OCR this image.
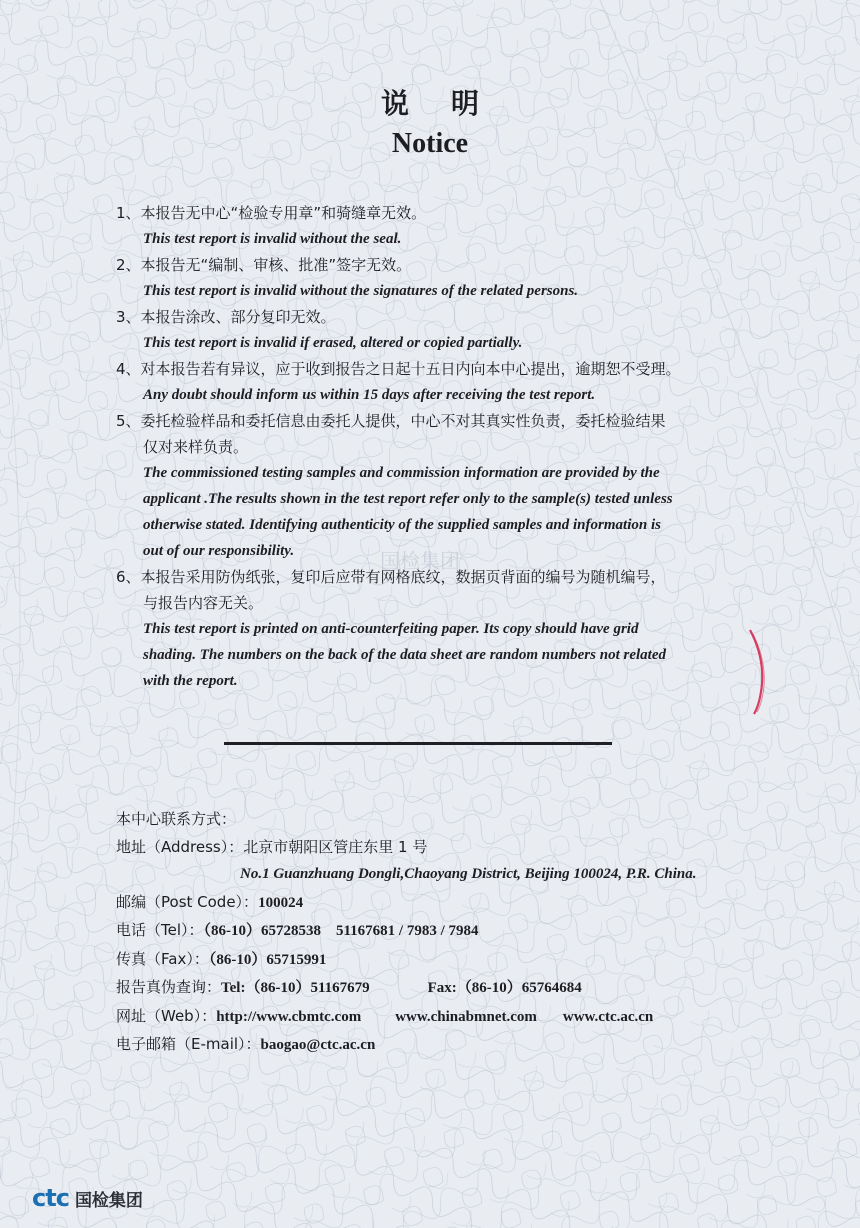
说明
Notice

1、本报告无中心“检验专用章”和骑缝章无效。

This test report is invalid without the seal.

2、本报告无“编制、审核、批准”签字无效。

This test report is invalid without the signatures of the related persons.

3、本报告涂改、部分复印无效。

This test report is invalid if erased, altered or copied partially.

4、对本报告若有异议，应于收到报告之日起十五日内向本中心提出，逾期恕不受理。

Any doubt should inform us within 15 days after receiving the test report.

5、委托检验样品和委托信息由委托人提供，中心不对其真实性负责，委托检验结果

仅对来样负责。

The commissioned testing samples and commission information are provided by the

applicant .The results shown in the test report refer only to the sample(s) tested unless

otherwise stated. Identifying authenticity of the supplied samples and information is

out of our responsibility.

6、本报告采用防伪纸张，复印后应带有网格底纹，数据页背面的编号为随机编号，

与报告内容无关。

This test report is printed on anti-counterfeiting paper. Its copy should have grid

shading. The numbers on the back of the data sheet are random numbers not related

with the report.

国检集团

本中心联系方式：

地址（Address）：北京市朝阳区管庄东里 1 号

No.1 Guanzhuang Dongli,Chaoyang District, Beijing 100024, P.R. China.

邮编（Post Code）：100024

电话（Tel）：（86-10）65728538　51167681 / 7983 / 7984

传真（Fax）：（86-10）65715991

报告真伪查询：Tel:（86-10）51167679	Fax:（86-10）65764684

网址（Web）：http://www.cbmtc.com www.chinabmnet.com www.ctc.ac.cn

电子邮箱（E-mail）：baogao@ctc.ac.cn

ctc 国检集团
